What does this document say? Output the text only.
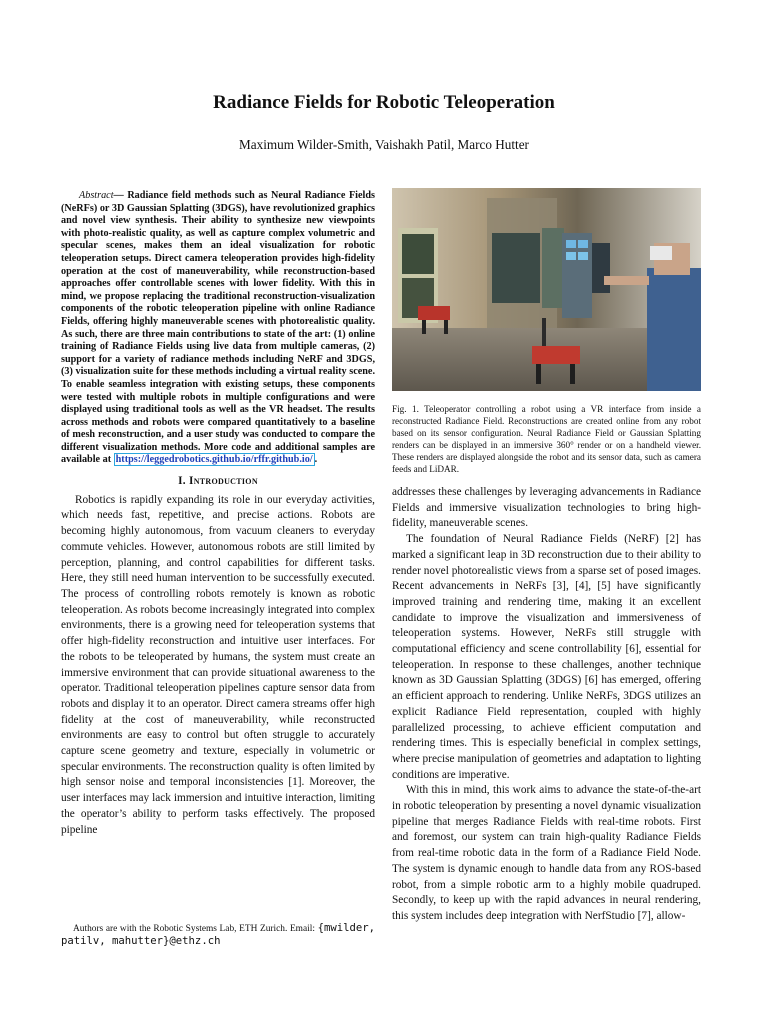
Radiance Fields for Robotic Teleoperation

Maximum Wilder-Smith, Vaishakh Patil, Marco Hutter

Abstract— Radiance field methods such as Neural Radiance Fields (NeRFs) or 3D Gaussian Splatting (3DGS), have revolutionized graphics and novel view synthesis. Their ability to synthesize new viewpoints with photo-realistic quality, as well as capture complex volumetric and specular scenes, makes them an ideal visualization for robotic teleoperation setups. Direct camera teleoperation provides high-fidelity operation at the cost of maneuverability, while reconstruction-based approaches offer controllable scenes with lower fidelity. With this in mind, we propose replacing the traditional reconstruction-visualization components of the robotic teleoperation pipeline with online Radiance Fields, offering highly maneuverable scenes with photorealistic quality. As such, there are three main contributions to state of the art: (1) online training of Radiance Fields using live data from multiple cameras, (2) support for a variety of radiance methods including NeRF and 3DGS, (3) visualization suite for these methods including a virtual reality scene. To enable seamless integration with existing setups, these components were tested with multiple robots in multiple configurations and were displayed using traditional tools as well as the VR headset. The results across methods and robots were compared quantitatively to a baseline of mesh reconstruction, and a user study was conducted to compare the different visualization methods. More code and additional samples are available at https://leggedrobotics.github.io/rffr.github.io/ .

I. Introduction

Robotics is rapidly expanding its role in our everyday activities, which needs fast, repetitive, and precise actions. Robots are becoming highly autonomous, from vacuum cleaners to everyday commute vehicles. However, autonomous robots are still limited by perception, planning, and control capabilities for different tasks. Here, they still need human intervention to be successfully executed. The process of controlling robots remotely is known as robotic teleoperation. As robots become increasingly integrated into complex environments, there is a growing need for teleoperation systems that offer high-fidelity reconstruction and intuitive user interfaces. For the robots to be teleoperated by humans, the system must create an immersive environment that can provide situational awareness to the operator. Traditional teleoperation pipelines capture sensor data from robots and display it to an operator. Direct camera streams offer high fidelity at the cost of maneuverability, while reconstructed environments are easy to control but often struggle to accurately capture scene geometry and texture, especially in volumetric or specular environments. The reconstruction quality is often limited by high sensor noise and temporal inconsistencies [1]. Moreover, the user interfaces may lack immersion and intuitive interaction, limiting the operator’s ability to perform tasks effectively. The proposed pipeline

Authors are with the Robotic Systems Lab, ETH Zurich. Email: {mwilder, patilv, mahutter}@ethz.ch

Fig. 1. Teleoperator controlling a robot using a VR interface from inside a reconstructed Radiance Field. Reconstructions are created online from any robot based on its sensor configuration. Neural Radiance Field or Gaussian Splatting renders can be displayed in an immersive 360° render or on a handheld viewer. These renders are displayed alongside the robot and its sensor data, such as camera feeds and LiDAR.

addresses these challenges by leveraging advancements in Radiance Fields and immersive visualization technologies to bring high-fidelity, maneuverable scenes.

The foundation of Neural Radiance Fields (NeRF) [2] has marked a significant leap in 3D reconstruction due to their ability to render novel photorealistic views from a sparse set of posed images. Recent advancements in NeRFs [3], [4], [5] have significantly improved training and rendering time, making it an excellent candidate to improve the visualization and immersiveness of teleoperation systems. However, NeRFs still struggle with computational efficiency and scene controllability [6], essential for teleoperation. In response to these challenges, another technique known as 3D Gaussian Splatting (3DGS) [6] has emerged, offering an efficient approach to rendering. Unlike NeRFs, 3DGS utilizes an explicit Radiance Field representation, coupled with highly parallelized processing, to achieve efficient computation and rendering times. This is especially beneficial in complex settings, where precise manipulation of geometries and adaptation to lighting conditions are imperative.

With this in mind, this work aims to advance the state-of-the-art in robotic teleoperation by presenting a novel dynamic visualization pipeline that merges Radiance Fields with real-time robots. First and foremost, our system can train high-quality Radiance Fields from real-time robotic data in the form of a Radiance Field Node. The system is dynamic enough to handle data from any ROS-based robot, from a simple robotic arm to a highly mobile quadruped. Secondly, to keep up with the rapid advances in neural rendering, this system includes deep integration with NerfStudio [7], allow-
